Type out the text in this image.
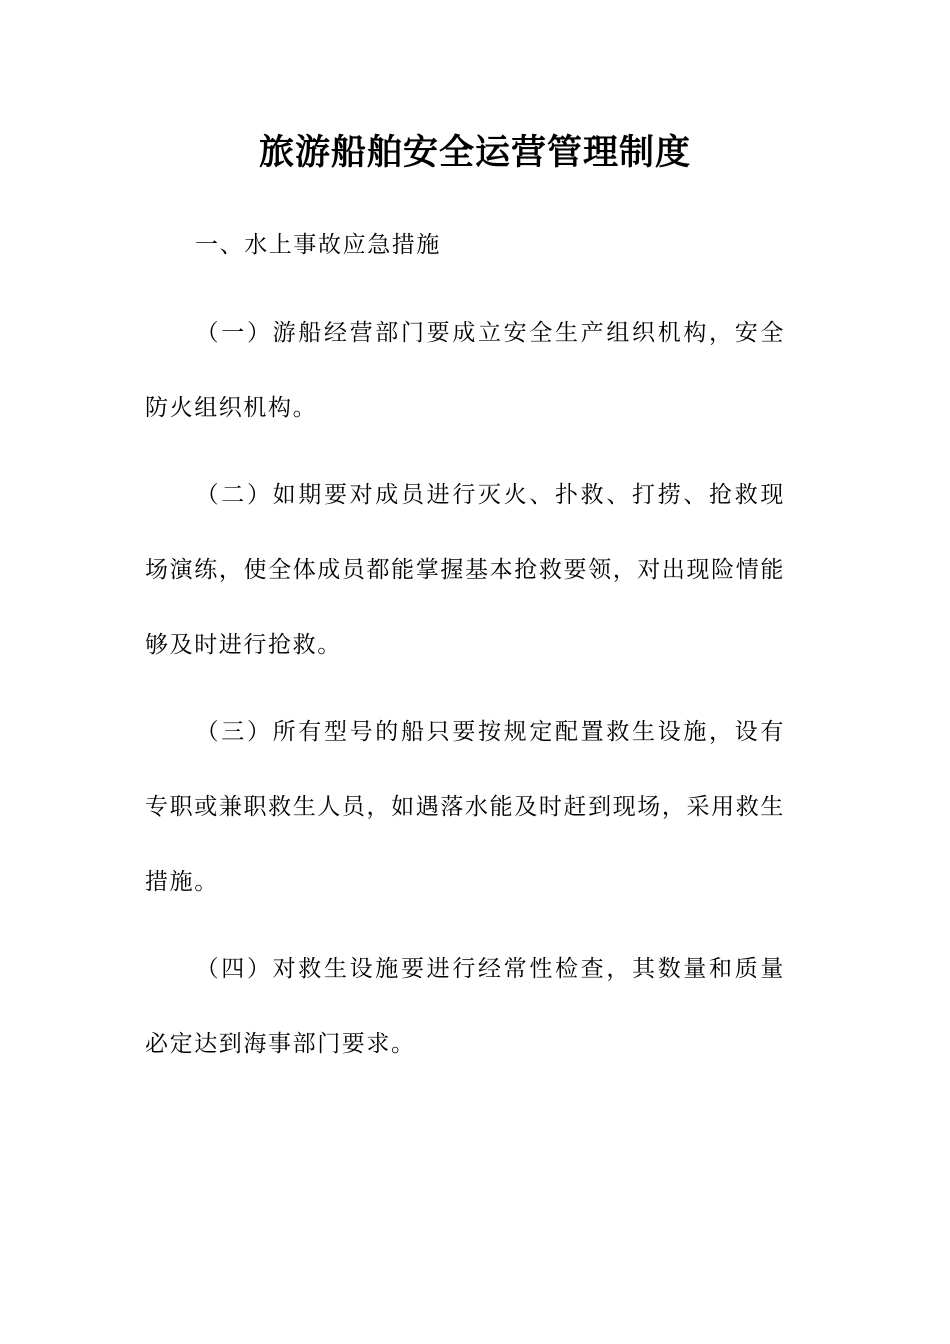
旅游船舶安全运营管理制度
一、水上事故应急措施

（一）游船经营部门要成立安全生产组织机构，安全防火组织机构。

（二）如期要对成员进行灭火、扑救、打捞、抢救现场演练，使全体成员都能掌握基本抢救要领，对出现险情能够及时进行抢救。

（三）所有型号的船只要按规定配置救生设施，设有专职或兼职救生人员，如遇落水能及时赶到现场，采用救生措施。

（四）对救生设施要进行经常性检查，其数量和质量必定达到海事部门要求。
